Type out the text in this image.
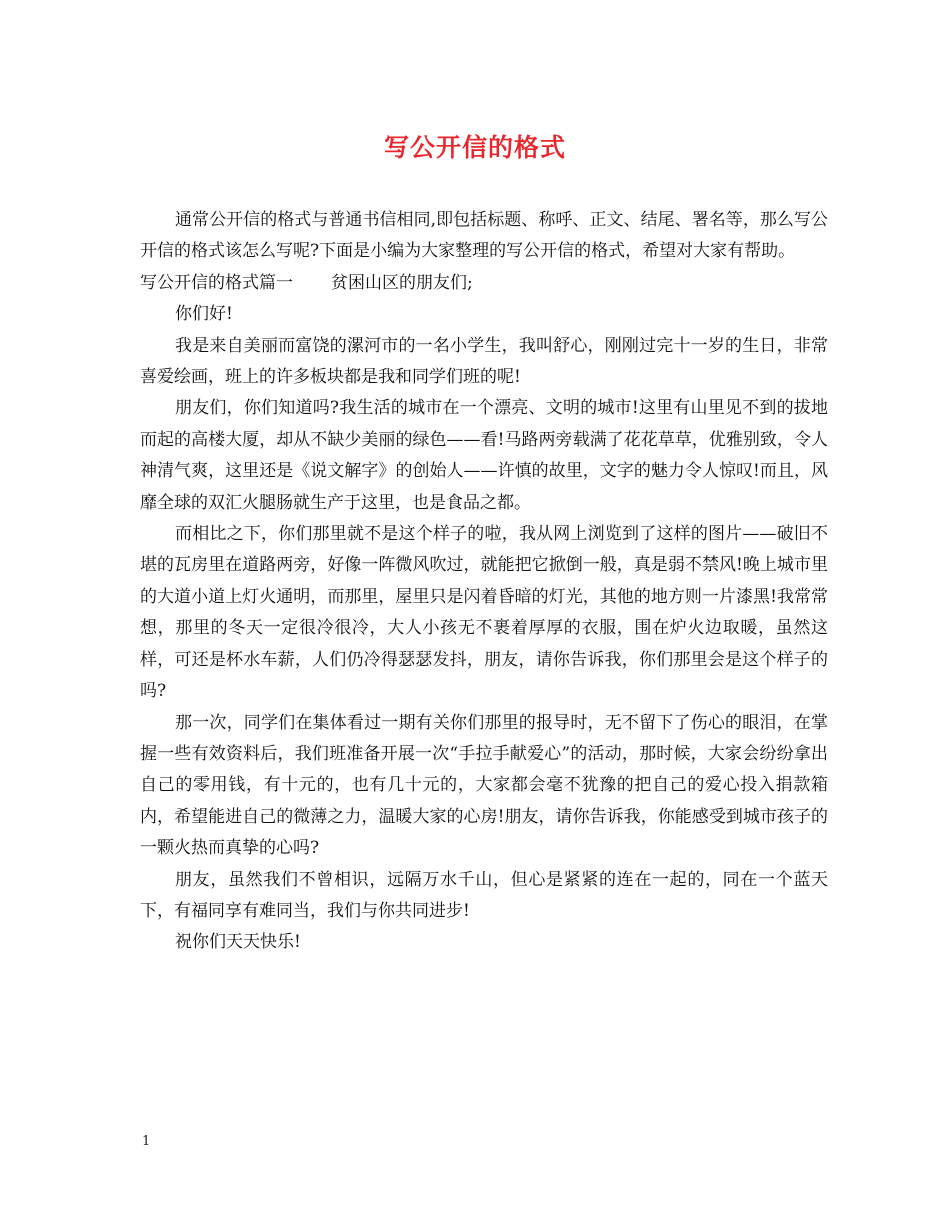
写公开信的格式

通常公开信的格式与普通书信相同,即包括标题、称呼、正文、结尾、署名等，那么写公开信的格式该怎么写呢?下面是小编为大家整理的写公开信的格式，希望对大家有帮助。

写公开信的格式篇一 贫困山区的朋友们;

你们好!

我是来自美丽而富饶的漯河市的一名小学生，我叫舒心，刚刚过完十一岁的生日，非常喜爱绘画，班上的许多板块都是我和同学们班的呢!

朋友们，你们知道吗?我生活的城市在一个漂亮、文明的城市!这里有山里见不到的拔地而起的高楼大厦，却从不缺少美丽的绿色——看!马路两旁载满了花花草草，优雅别致，令人神清气爽，这里还是《说文解字》的创始人——许慎的故里，文字的魅力令人惊叹!而且，风靡全球的双汇火腿肠就生产于这里，也是食品之都。

而相比之下，你们那里就不是这个样子的啦，我从网上浏览到了这样的图片——破旧不堪的瓦房里在道路两旁，好像一阵微风吹过，就能把它掀倒一般，真是弱不禁风!晚上城市里的大道小道上灯火通明，而那里，屋里只是闪着昏暗的灯光，其他的地方则一片漆黑!我常常想，那里的冬天一定很冷很冷，大人小孩无不裹着厚厚的衣服，围在炉火边取暖，虽然这样，可还是杯水车薪，人们仍冷得瑟瑟发抖，朋友，请你告诉我，你们那里会是这个样子的吗?

那一次，同学们在集体看过一期有关你们那里的报导时，无不留下了伤心的眼泪，在掌握一些有效资料后，我们班准备开展一次“手拉手献爱心”的活动，那时候，大家会纷纷拿出自己的零用钱，有十元的，也有几十元的，大家都会毫不犹豫的把自己的爱心投入捐款箱内，希望能进自己的微薄之力，温暖大家的心房!朋友，请你告诉我，你能感受到城市孩子的一颗火热而真挚的心吗?

朋友，虽然我们不曾相识，远隔万水千山，但心是紧紧的连在一起的，同在一个蓝天下，有福同享有难同当，我们与你共同进步!

祝你们天天快乐!

1
